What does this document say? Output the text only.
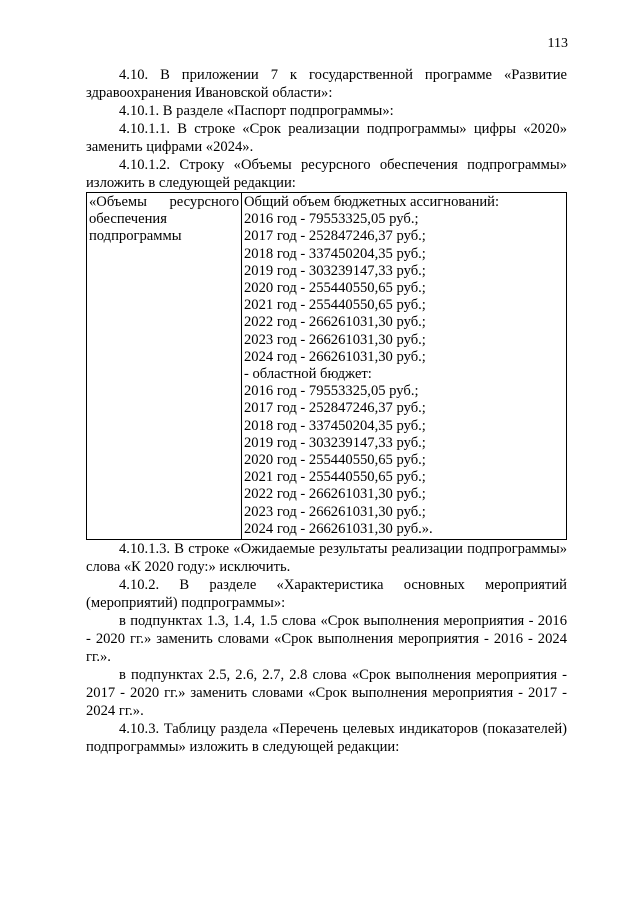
113

4.10. В приложении 7 к государственной программе «Развитие здравоохранения Ивановской области»:

4.10.1. В разделе «Паспорт подпрограммы»:

4.10.1.1. В строке «Срок реализации подпрограммы» цифры «2020» заменить цифрами «2024».

4.10.1.2. Строку «Объемы ресурсного обеспечения подпрограммы» изложить в следующей редакции:

«Объемы ресурсного обеспечения подпрограммы	
Общий объем бюджетных ассигнований:
2016 год - 79553325,05 руб.;
2017 год - 252847246,37 руб.;
2018 год - 337450204,35 руб.;
2019 год - 303239147,33 руб.;
2020 год - 255440550,65 руб.;
2021 год - 255440550,65 руб.;
2022 год - 266261031,30 руб.;
2023 год - 266261031,30 руб.;
2024 год - 266261031,30 руб.;
- областной бюджет:
2016 год - 79553325,05 руб.;
2017 год - 252847246,37 руб.;
2018 год - 337450204,35 руб.;
2019 год - 303239147,33 руб.;
2020 год - 255440550,65 руб.;
2021 год - 255440550,65 руб.;
2022 год - 266261031,30 руб.;
2023 год - 266261031,30 руб.;
2024 год - 266261031,30 руб.».

4.10.1.3. В строке «Ожидаемые результаты реализации подпрограммы» слова «К 2020 году:» исключить.

4.10.2. В разделе «Характеристика основных мероприятий (мероприятий) подпрограммы»:

в подпунктах 1.3, 1.4, 1.5 слова «Срок выполнения мероприятия - 2016 - 2020 гг.» заменить словами «Срок выполнения мероприятия - 2016 - 2024 гг.».

в подпунктах 2.5, 2.6, 2.7, 2.8 слова «Срок выполнения мероприятия - 2017 - 2020 гг.» заменить словами «Срок выполнения мероприятия - 2017 - 2024 гг.».

4.10.3. Таблицу раздела «Перечень целевых индикаторов (показателей) подпрограммы» изложить в следующей редакции:
